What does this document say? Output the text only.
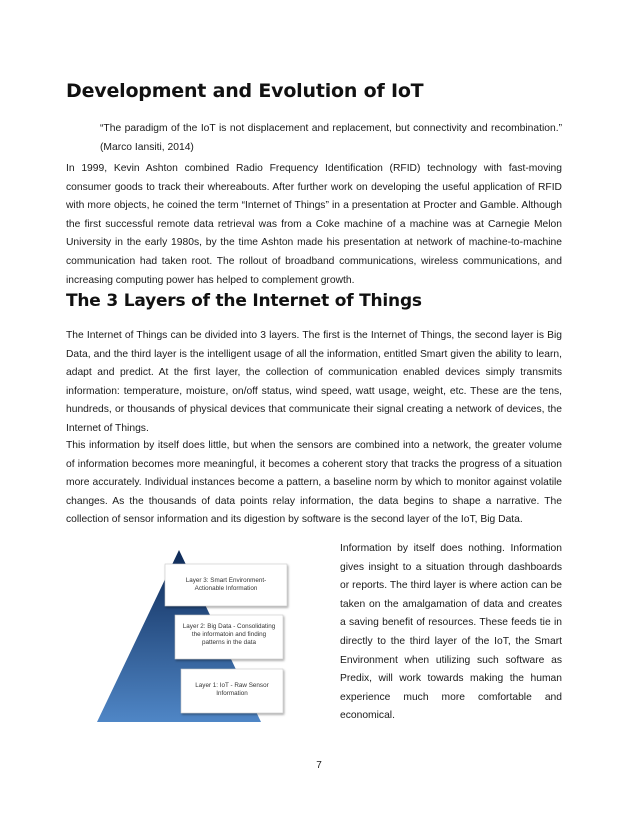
Development and Evolution of IoT

“The paradigm of the IoT is not displacement and replacement, but connectivity and recombination.” (Marco Iansiti, 2014)

In 1999, Kevin Ashton combined Radio Frequency Identification (RFID) technology with fast-moving consumer goods to track their whereabouts. After further work on developing the useful application of RFID with more objects, he coined the term “Internet of Things” in a presentation at Procter and Gamble. Although the first successful remote data retrieval was from a Coke machine of a machine was at Carnegie Melon University in the early 1980s, by the time Ashton made his presentation at network of machine-to-machine communication had taken root. The rollout of broadband communications, wireless communications, and increasing computing power has helped to complement growth.

The 3 Layers of the Internet of Things

The Internet of Things can be divided into 3 layers. The first is the Internet of Things, the second layer is Big Data, and the third layer is the intelligent usage of all the information, entitled Smart given the ability to learn, adapt and predict. At the first layer, the collection of communication enabled devices simply transmits information: temperature, moisture, on/off status, wind speed, watt usage, weight, etc. These are the tens, hundreds, or thousands of physical devices that communicate their signal creating a network of devices, the Internet of Things.

This information by itself does little, but when the sensors are combined into a network, the greater volume of information becomes more meaningful, it becomes a coherent story that tracks the progress of a situation more accurately. Individual instances become a pattern, a baseline norm by which to monitor against volatile changes. As the thousands of data points relay information, the data begins to shape a narrative. The collection of sensor information and its digestion by software is the second layer of the IoT, Big Data.

Layer 3: Smart Environment-
Actionable Information
Layer 2: Big Data - Consolidating
the informatoin and finding
patterns in the data
Layer 1: IoT - Raw Sensor
Information

Information by itself does nothing. Information gives insight to a situation through dashboards or reports. The third layer is where action can be taken on the amalgamation of data and creates a saving benefit of resources. These feeds tie in directly to the third layer of the IoT, the Smart Environment when utilizing such software as Predix, will work towards making the human experience much more comfortable and economical.

7
